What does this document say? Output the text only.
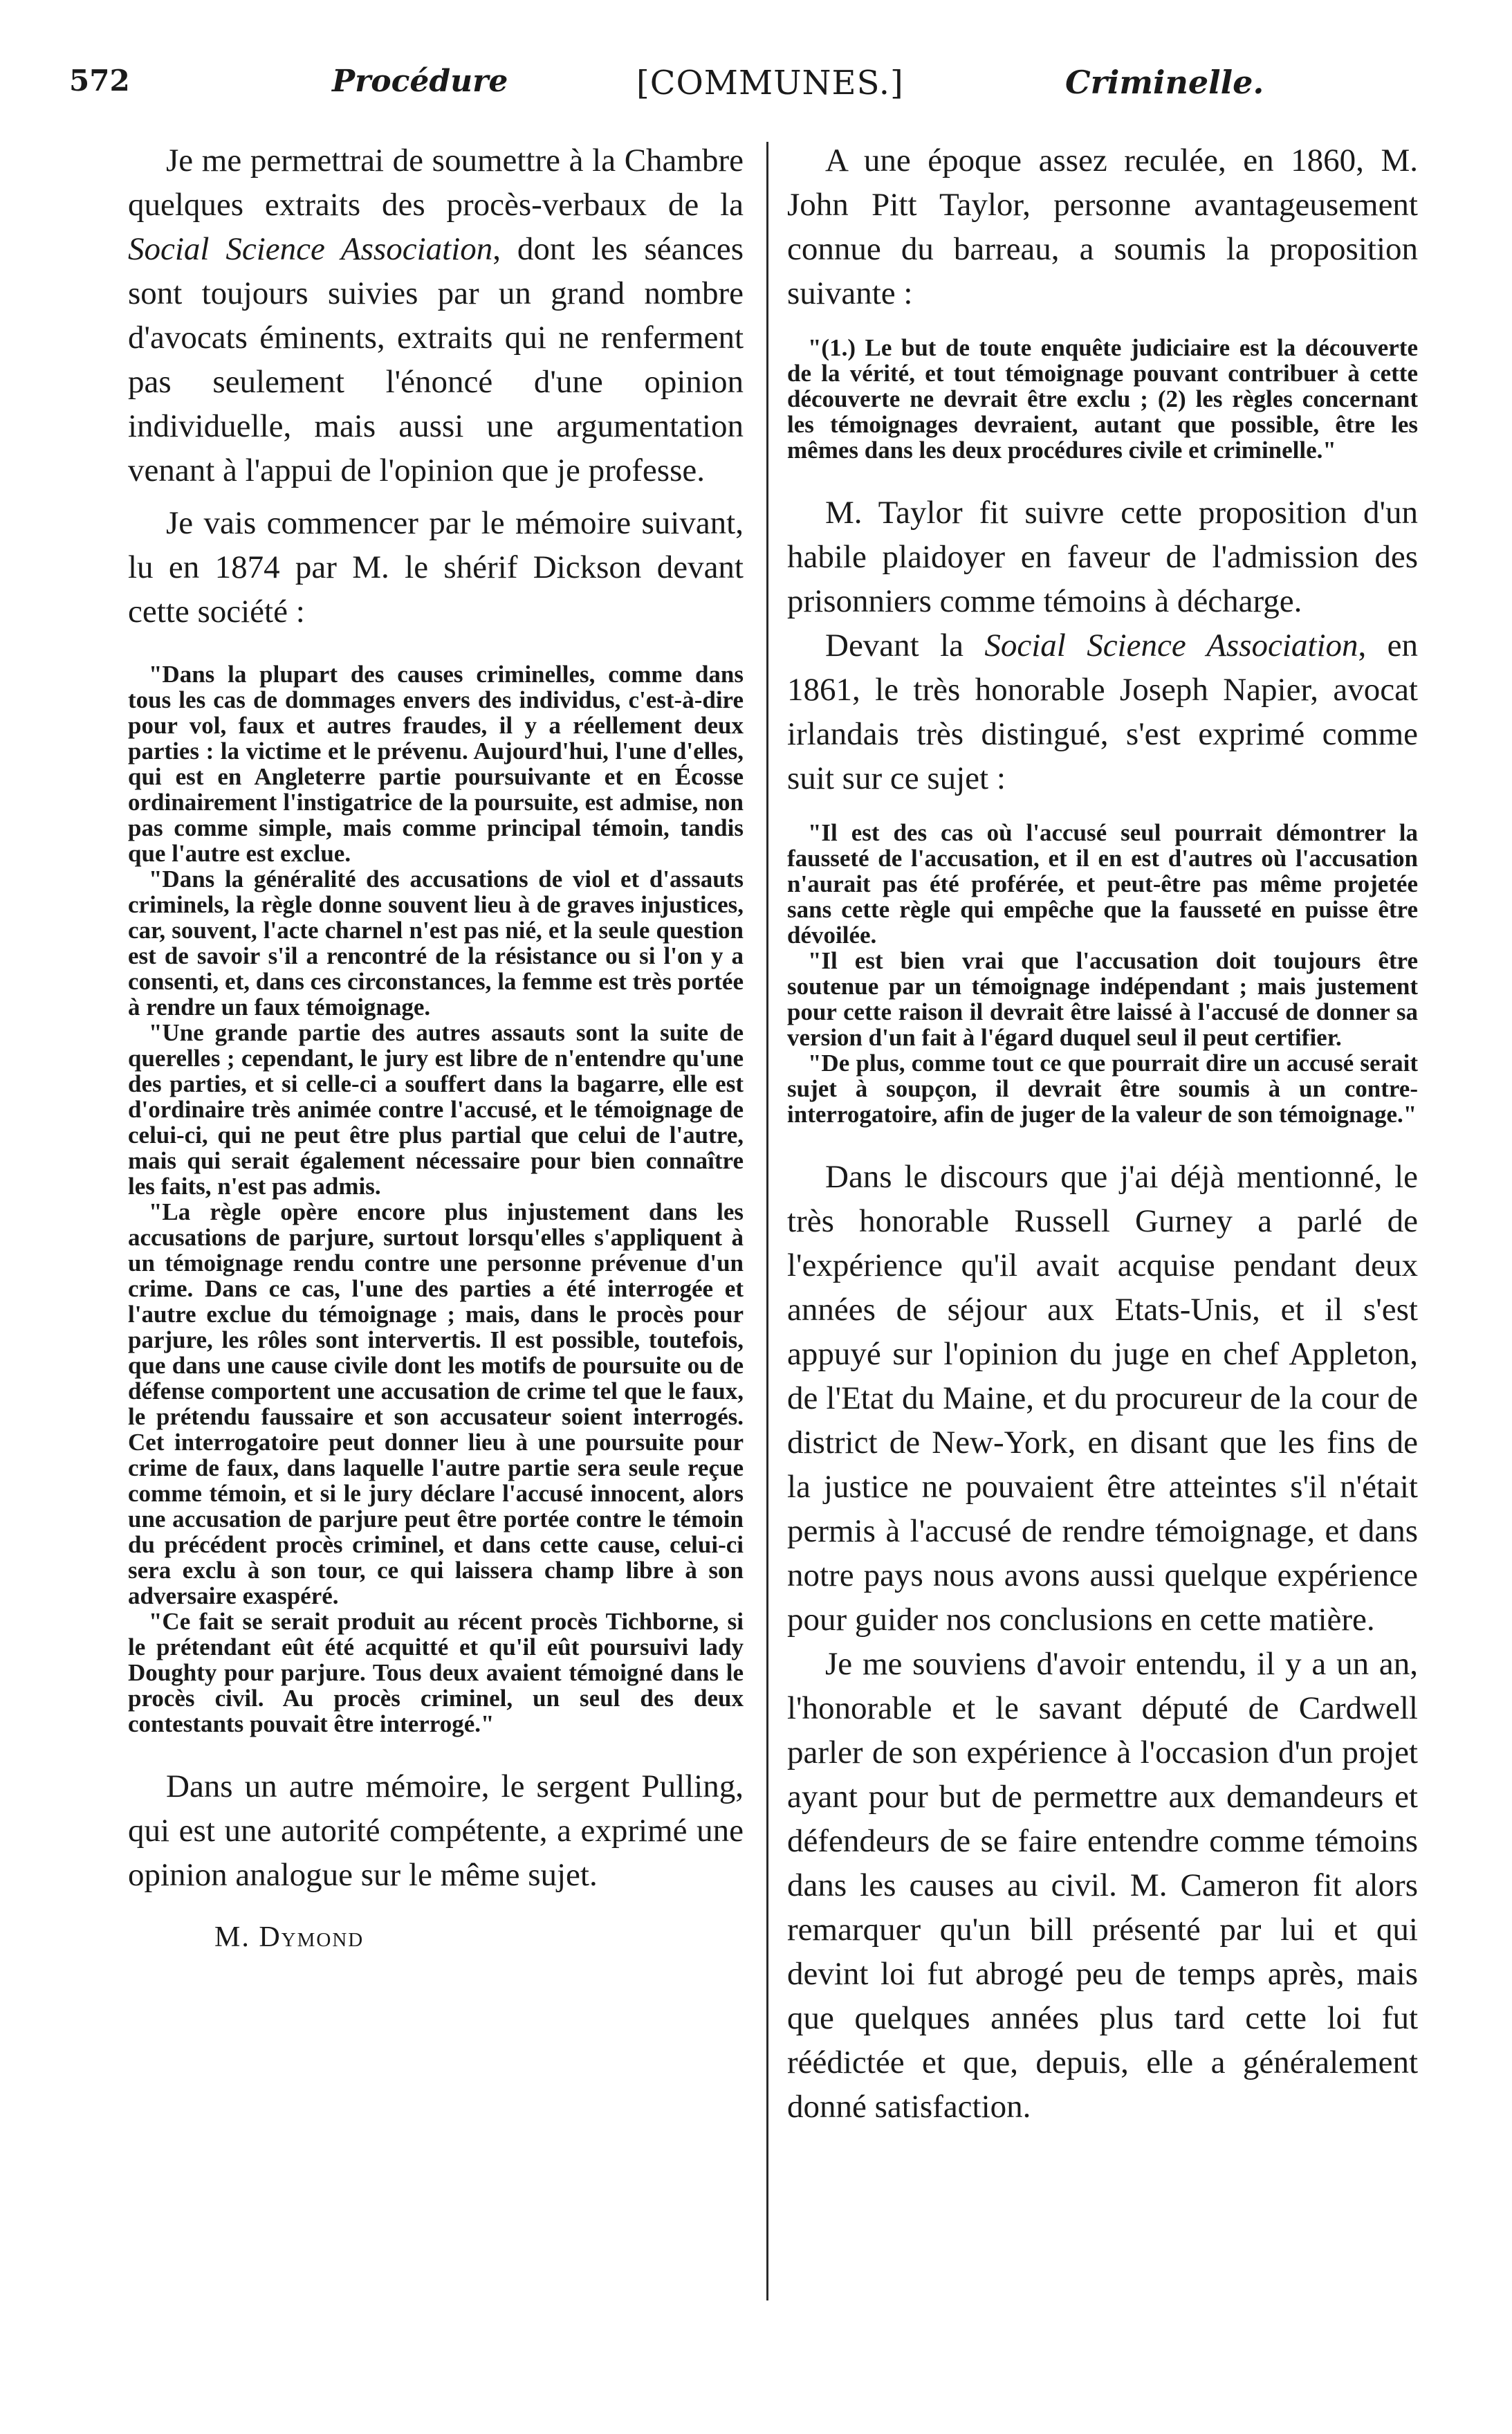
572	Procédure	[COMMUNES.]	Criminelle.

Je me permettrai de soumettre à la Chambre quelques extraits des procès-verbaux de la Social Science Association, dont les séances sont toujours suivies par un grand nombre d'avocats éminents, extraits qui ne renferment pas seulement l'énoncé d'une opinion individuelle, mais aussi une argumentation venant à l'appui de l'opinion que je professe.

Je vais commencer par le mémoire suivant, lu en 1874 par M. le shérif Dickson devant cette société :

"Dans la plupart des causes criminelles, comme dans tous les cas de dommages envers des individus, c'est-à-dire pour vol, faux et autres fraudes, il y a réellement deux parties : la victime et le prévenu. Aujourd'hui, l'une d'elles, qui est en Angleterre partie poursuivante et en Écosse ordinairement l'instigatrice de la poursuite, est admise, non pas comme simple, mais comme principal témoin, tandis que l'autre est exclue.

"Dans la généralité des accusations de viol et d'assauts criminels, la règle donne souvent lieu à de graves injustices, car, souvent, l'acte charnel n'est pas nié, et la seule question est de savoir s'il a rencontré de la résistance ou si l'on y a consenti, et, dans ces circonstances, la femme est très portée à rendre un faux témoignage.

"Une grande partie des autres assauts sont la suite de querelles ; cependant, le jury est libre de n'entendre qu'une des parties, et si celle-ci a souffert dans la bagarre, elle est d'ordinaire très animée contre l'accusé, et le témoignage de celui-ci, qui ne peut être plus partial que celui de l'autre, mais qui serait également nécessaire pour bien connaître les faits, n'est pas admis.

"La règle opère encore plus injustement dans les accusations de parjure, surtout lorsqu'elles s'appliquent à un témoignage rendu contre une personne prévenue d'un crime. Dans ce cas, l'une des parties a été interrogée et l'autre exclue du témoignage ; mais, dans le procès pour parjure, les rôles sont intervertis. Il est possible, toutefois, que dans une cause civile dont les motifs de poursuite ou de défense comportent une accusation de crime tel que le faux, le prétendu faussaire et son accusateur soient interrogés. Cet interrogatoire peut donner lieu à une poursuite pour crime de faux, dans laquelle l'autre partie sera seule reçue comme témoin, et si le jury déclare l'accusé innocent, alors une accusation de parjure peut être portée contre le témoin du précédent procès criminel, et dans cette cause, celui-ci sera exclu à son tour, ce qui laissera champ libre à son adversaire exaspéré.

"Ce fait se serait produit au récent procès Tichborne, si le prétendant eût été acquitté et qu'il eût poursuivi lady Doughty pour parjure. Tous deux avaient témoigné dans le procès civil. Au procès criminel, un seul des deux contestants pouvait être interrogé."

Dans un autre mémoire, le sergent Pulling, qui est une autorité compétente, a exprimé une opinion analogue sur le même sujet.

M. Dymond

A une époque assez reculée, en 1860, M. John Pitt Taylor, personne avantageusement connue du barreau, a soumis la proposition suivante :

"(1.) Le but de toute enquête judiciaire est la découverte de la vérité, et tout témoignage pouvant contribuer à cette découverte ne devrait être exclu ; (2) les règles concernant les témoignages devraient, autant que possible, être les mêmes dans les deux procédures civile et criminelle."

M. Taylor fit suivre cette proposition d'un habile plaidoyer en faveur de l'admission des prisonniers comme témoins à décharge.

Devant la Social Science Association, en 1861, le très honorable Joseph Napier, avocat irlandais très distingué, s'est exprimé comme suit sur ce sujet :

"Il est des cas où l'accusé seul pourrait démontrer la fausseté de l'accusation, et il en est d'autres où l'accusation n'aurait pas été proférée, et peut-être pas même projetée sans cette règle qui empêche que la fausseté en puisse être dévoilée.

"Il est bien vrai que l'accusation doit toujours être soutenue par un témoignage indépendant ; mais justement pour cette raison il devrait être laissé à l'accusé de donner sa version d'un fait à l'égard duquel seul il peut certifier.

"De plus, comme tout ce que pourrait dire un accusé serait sujet à soupçon, il devrait être soumis à un contre-interrogatoire, afin de juger de la valeur de son témoignage."

Dans le discours que j'ai déjà mentionné, le très honorable Russell Gurney a parlé de l'expérience qu'il avait acquise pendant deux années de séjour aux Etats-Unis, et il s'est appuyé sur l'opinion du juge en chef Appleton, de l'Etat du Maine, et du procureur de la cour de district de New-York, en disant que les fins de la justice ne pouvaient être atteintes s'il n'était permis à l'accusé de rendre témoignage, et dans notre pays nous avons aussi quelque expérience pour guider nos conclusions en cette matière.

Je me souviens d'avoir entendu, il y a un an, l'honorable et le savant député de Cardwell parler de son expérience à l'occasion d'un projet ayant pour but de permettre aux demandeurs et défendeurs de se faire entendre comme témoins dans les causes au civil. M. Cameron fit alors remarquer qu'un bill présenté par lui et qui devint loi fut abrogé peu de temps après, mais que quelques années plus tard cette loi fut réédictée et que, depuis, elle a généralement donné satisfaction.
